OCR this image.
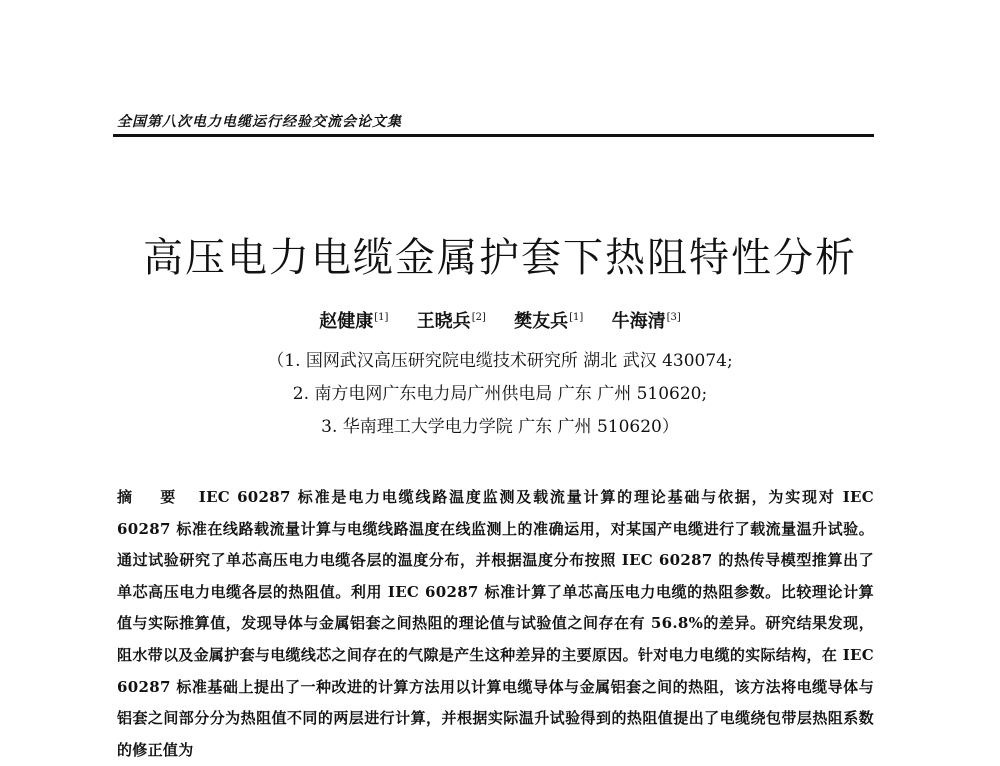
全国第八次电力电缆运行经验交流会论文集
高压电力电缆金属护套下热阻特性分析
赵健康[1] 王晓兵[2] 樊友兵[1] 牛海清[3]
（1. 国网武汉高压研究院电缆技术研究所 湖北 武汉 430074;
2. 南方电网广东电力局广州供电局 广东 广州 510620;
3. 华南理工大学电力学院 广东 广州 510620）
摘 要 IEC 60287 标准是电力电缆线路温度监测及载流量计算的理论基础与依据，为实现对 IEC 60287 标准在线路载流量计算与电缆线路温度在线监测上的准确运用，对某国产电缆进行了载流量温升试验。通过试验研究了单芯高压电力电缆各层的温度分布，并根据温度分布按照 IEC 60287 的热传导模型推算出了单芯高压电力电缆各层的热阻值。利用 IEC 60287 标准计算了单芯高压电力电缆的热阻参数。比较理论计算值与实际推算值，发现导体与金属铝套之间热阻的理论值与试验值之间存在有 56.8%的差异。研究结果发现，阻水带以及金属护套与电缆线芯之间存在的气隙是产生这种差异的主要原因。针对电力电缆的实际结构，在 IEC 60287 标准基础上提出了一种改进的计算方法用以计算电缆导体与金属铝套之间的热阻，该方法将电缆导体与铝套之间部分分为热阻值不同的两层进行计算，并根据实际温升试验得到的热阻值提出了电缆绕包带层热阻系数的修正值为
